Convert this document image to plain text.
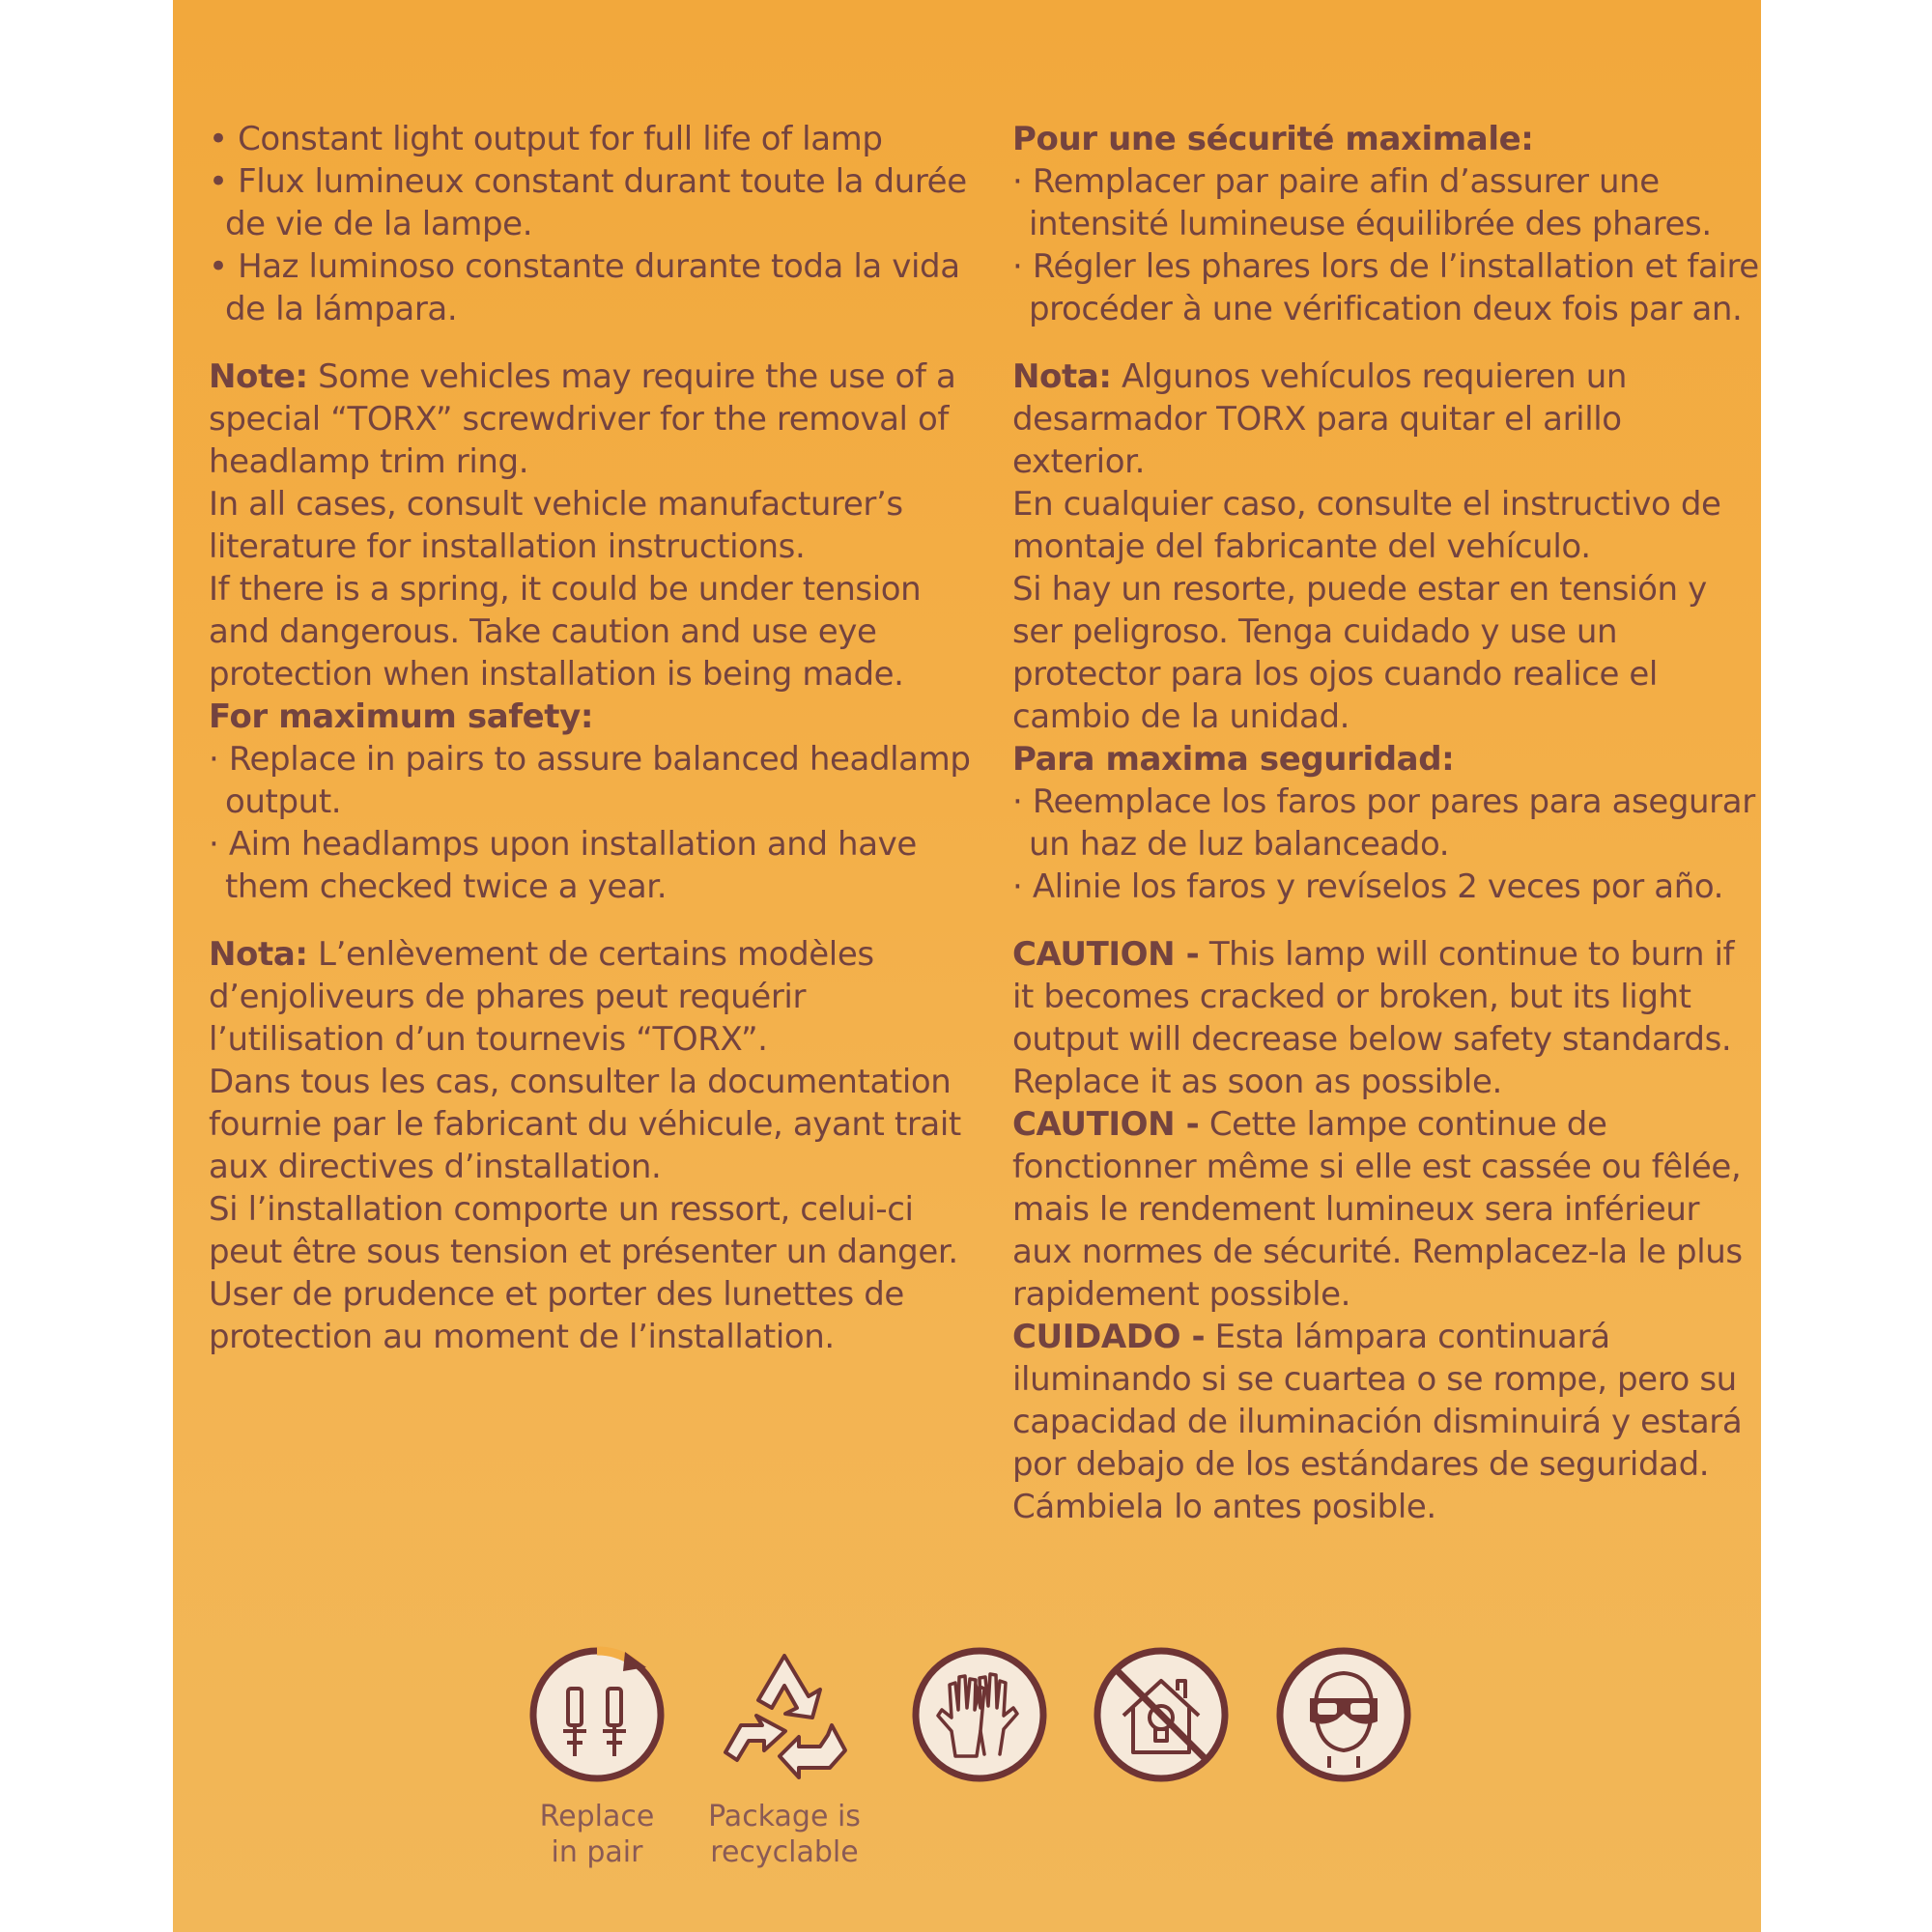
• Constant light output for full life of lamp

• Flux lumineux constant durant toute la durée de vie de la lampe.

• Haz luminoso constante durante toda la vida de la lámpara.

Note: Some vehicles may require the use of a special “TORX” screwdriver for the removal of headlamp trim ring.

In all cases, consult vehicle manufacturer’s literature for installation instructions.

If there is a spring, it could be under tension and dangerous. Take caution and use eye protection when installation is being made.

For maximum safety:

· Replace in pairs to assure balanced headlamp output.

· Aim headlamps upon installation and have them checked twice a year.

Nota: L’enlèvement de certains modèles d’enjoliveurs de phares peut requérir l’utilisation d’un tournevis “TORX”.

Dans tous les cas, consulter la documentation fournie par le fabricant du véhicule, ayant trait aux directives d’installation.

Si l’installation comporte un ressort, celui-ci peut être sous tension et présenter un danger. User de prudence et porter des lunettes de protection au moment de l’installation.

Pour une sécurité maximale:

· Remplacer par paire afin d’assurer une intensité lumineuse équilibrée des phares.

· Régler les phares lors de l’installation et faire procéder à une vérification deux fois par an.

Nota: Algunos vehículos requieren un desarmador TORX para quitar el arillo exterior.

En cualquier caso, consulte el instructivo de montaje del fabricante del vehículo.

Si hay un resorte, puede estar en tensión y ser peligroso. Tenga cuidado y use un protector para los ojos cuando realice el cambio de la unidad.

Para maxima seguridad:

· Reemplace los faros por pares para asegurar un haz de luz balanceado.

· Alinie los faros y revíselos 2 veces por año.

CAUTION - This lamp will continue to burn if it becomes cracked or broken, but its light output will decrease below safety standards. Replace it as soon as possible.

CAUTION - Cette lampe continue de fonctionner même si elle est cassée ou fêlée, mais le rendement lumineux sera inférieur aux normes de sécurité. Remplacez-la le plus rapidement possible.

CUIDADO - Esta lámpara continuará iluminando si se cuartea o se rompe, pero su capacidad de iluminación disminuirá y estará por debajo de los estándares de seguridad. Cámbiela lo antes posible.

Replace
in pair
Package is
recyclable
